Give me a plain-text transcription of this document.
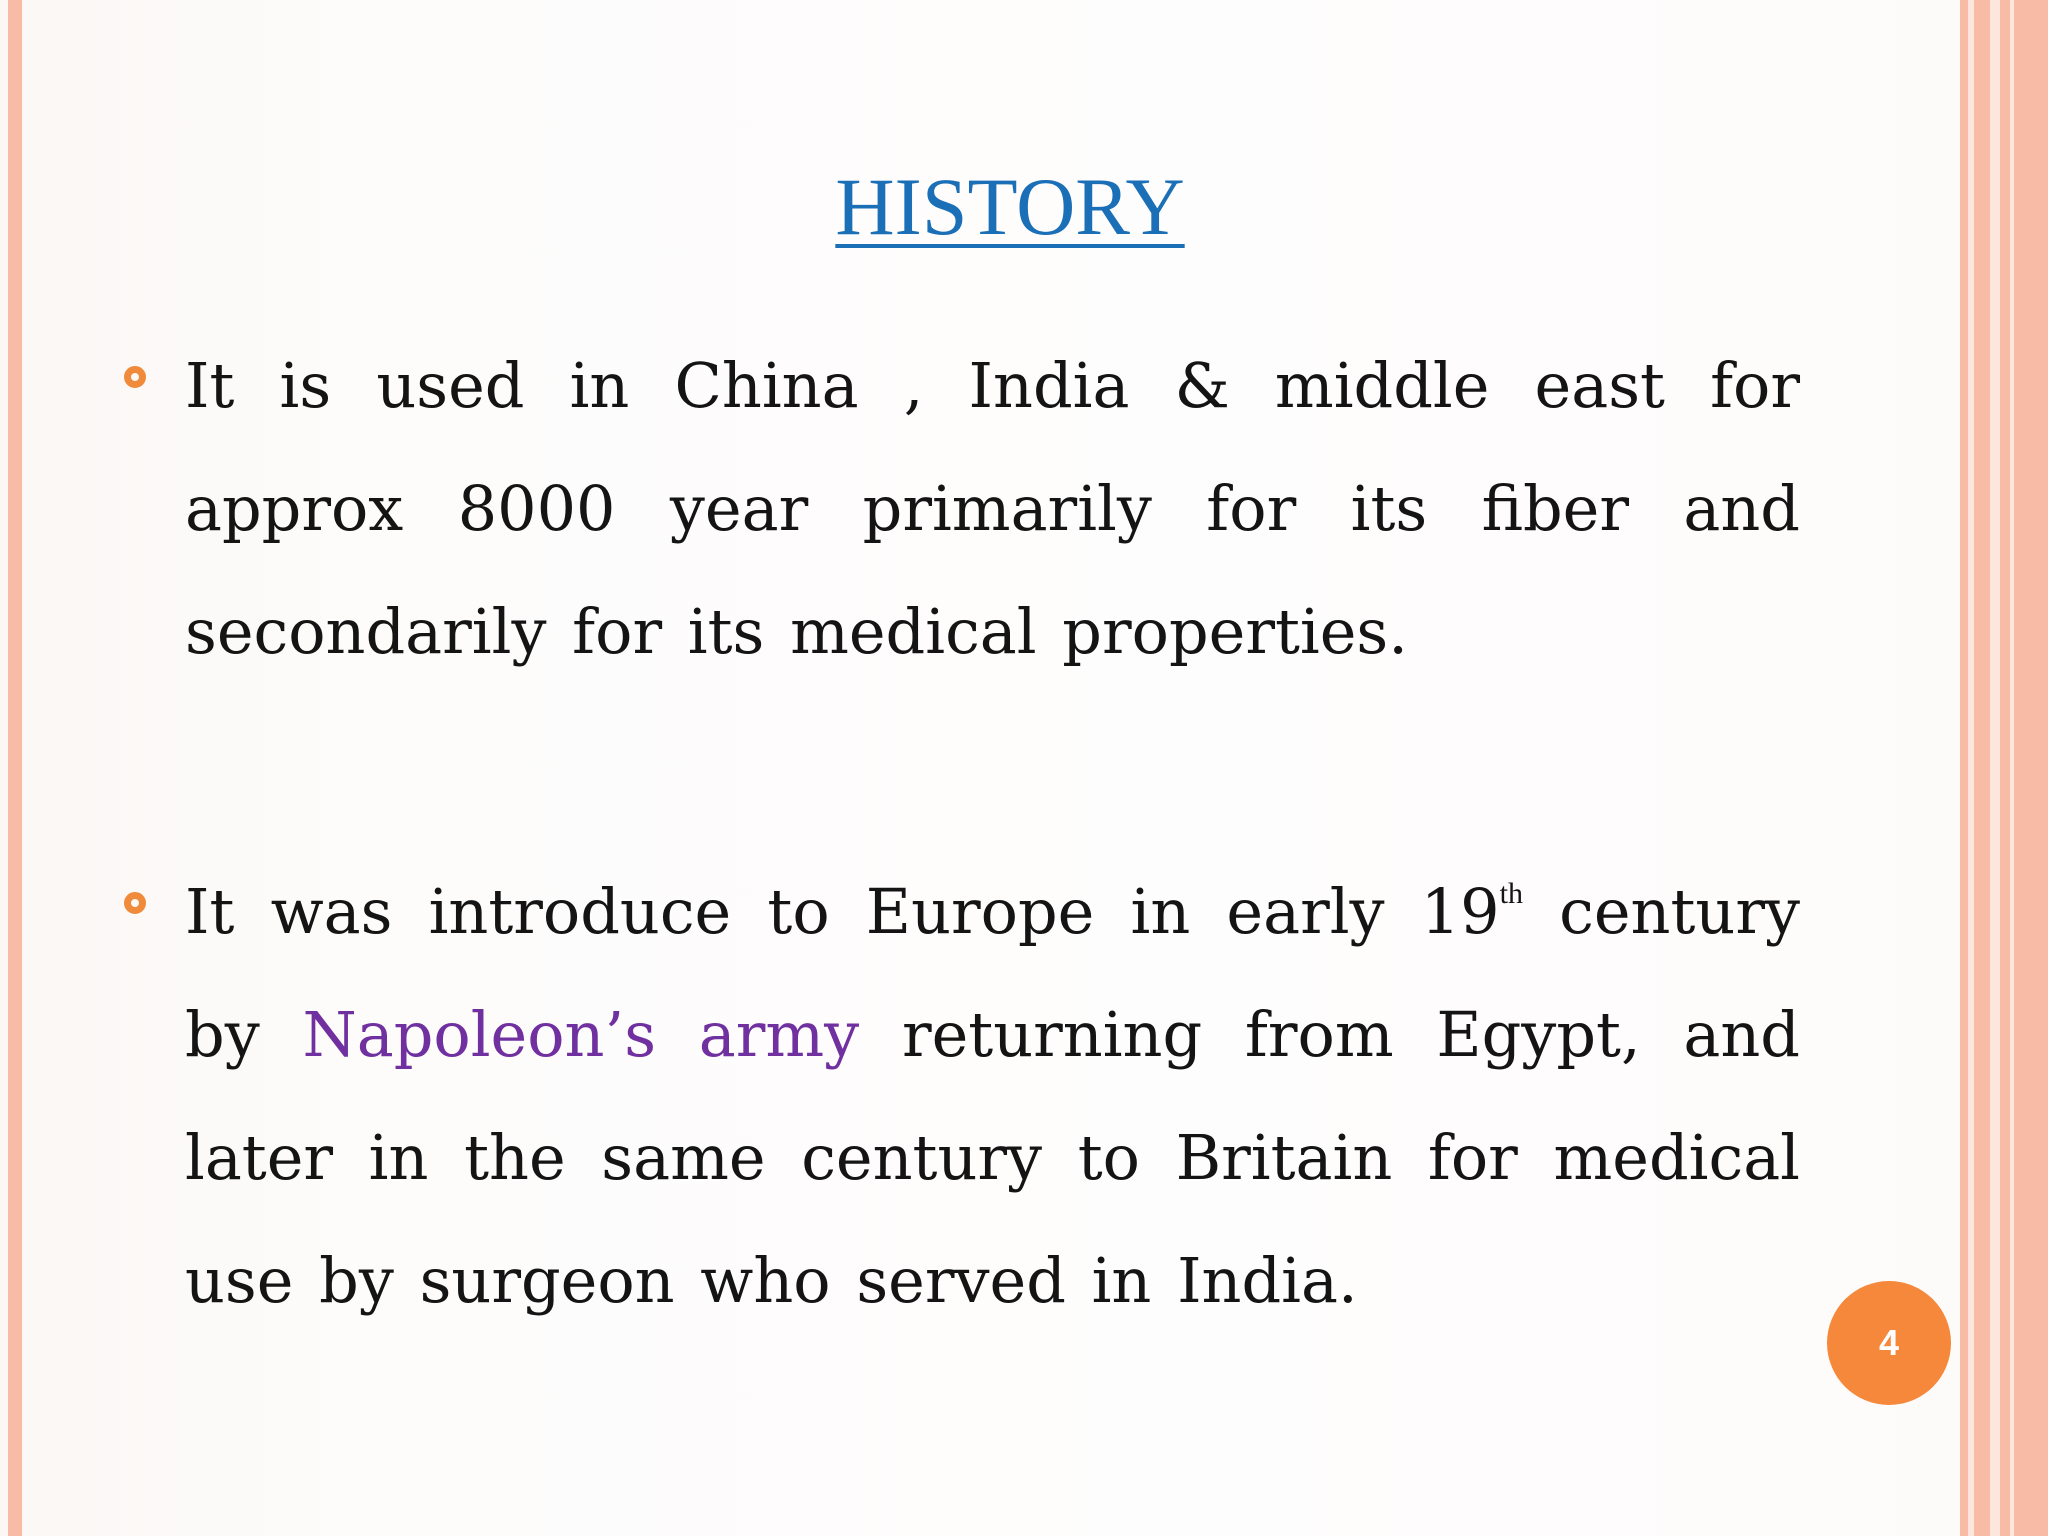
HISTORY
It is used in China , India & middle east for approx 8000 year primarily for its fiber and secondarily for its medical properties.
It was introduce to Europe in early 19th century by Napoleon’s army returning from Egypt, and later in the same century to Britain for medical use by surgeon who served in India.
4
